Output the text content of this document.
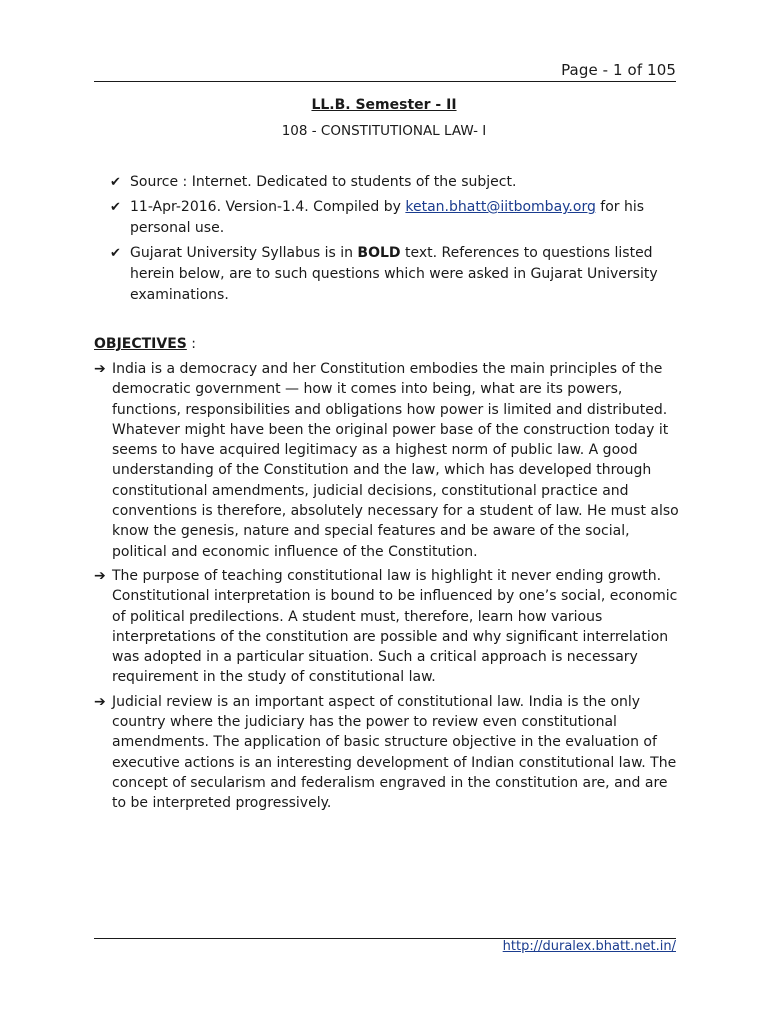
Page - 1 of 105
LL.B. Semester - II
108 - CONSTITUTIONAL LAW- I
✔ Source : Internet. Dedicated to students of the subject.
✔ 11-Apr-2016. Version-1.4. Compiled by ketan.bhatt@iitbombay.org for his personal use.
✔ Gujarat University Syllabus is in BOLD text. References to questions listed herein below, are to such questions which were asked in Gujarat University examinations.
OBJECTIVES :
➔ India is a democracy and her Constitution embodies the main principles of the democratic government — how it comes into being, what are its powers, functions, responsibilities and obligations how power is limited and distributed. Whatever might have been the original power base of the construction today it seems to have acquired legitimacy as a highest norm of public law. A good understanding of the Constitution and the law, which has developed through constitutional amendments, judicial decisions, constitutional practice and conventions is therefore, absolutely necessary for a student of law. He must also know the genesis, nature and special features and be aware of the social, political and economic influence of the Constitution.
➔ The purpose of teaching constitutional law is highlight it never ending growth. Constitutional interpretation is bound to be influenced by one’s social, economic of political predilections. A student must, therefore, learn how various interpretations of the constitution are possible and why significant interrelation was adopted in a particular situation. Such a critical approach is necessary requirement in the study of constitutional law.
➔ Judicial review is an important aspect of constitutional law. India is the only country where the judiciary has the power to review even constitutional amendments. The application of basic structure objective in the evaluation of executive actions is an interesting development of Indian constitutional law. The concept of secularism and federalism engraved in the constitution are, and are to be interpreted progressively.
http://duralex.bhatt.net.in/
